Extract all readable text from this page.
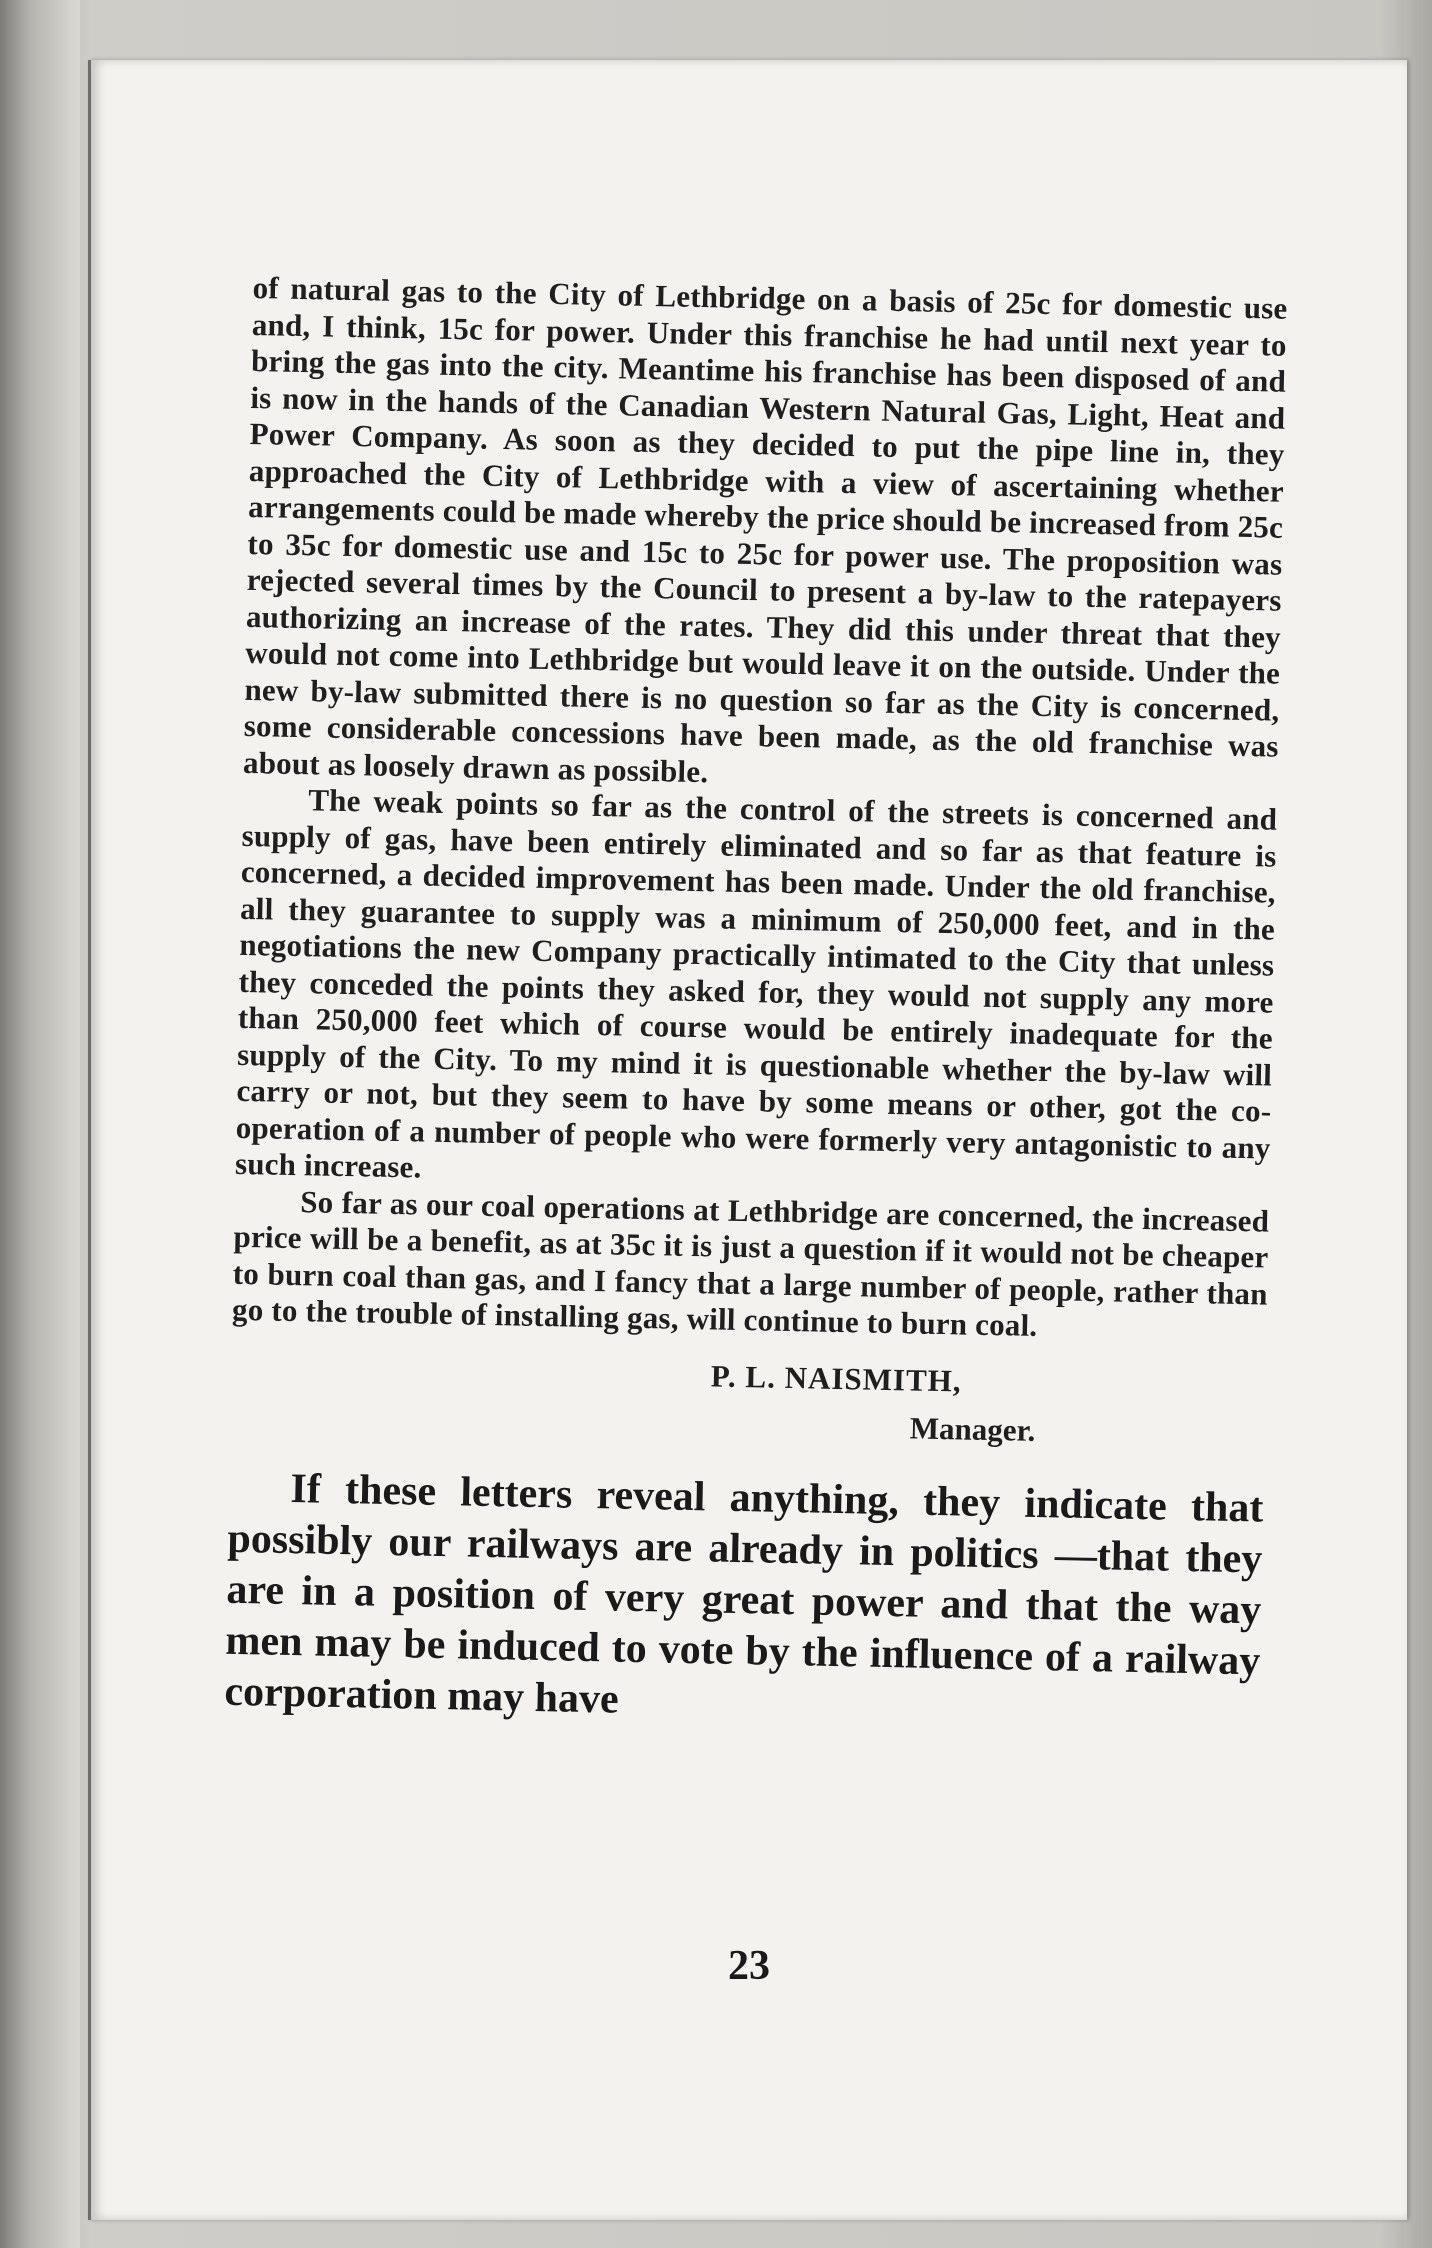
of natural gas to the City of Lethbridge on a basis of 25c for domestic use and, I think, 15c for power. Under this franchise he had until next year to bring the gas into the city. Meantime his franchise has been disposed of and is now in the hands of the Canadian Western Natural Gas, Light, Heat and Power Company. As soon as they decided to put the pipe line in, they approached the City of Lethbridge with a view of ascertaining whether arrangements could be made whereby the price should be increased from 25c to 35c for domestic use and 15c to 25c for power use. The proposition was rejected several times by the Council to present a by-law to the ratepayers authorizing an increase of the rates. They did this under threat that they would not come into Lethbridge but would leave it on the outside. Under the new by-law submitted there is no question so far as the City is concerned, some considerable concessions have been made, as the old franchise was about as loosely drawn as possible.

The weak points so far as the control of the streets is concerned and supply of gas, have been entirely eliminated and so far as that feature is concerned, a decided improvement has been made. Under the old franchise, all they guarantee to supply was a minimum of 250,000 feet, and in the negotiations the new Company practically intimated to the City that unless they conceded the points they asked for, they would not supply any more than 250,000 feet which of course would be entirely inadequate for the supply of the City. To my mind it is questionable whether the by-law will carry or not, but they seem to have by some means or other, got the co-operation of a number of people who were formerly very antagonistic to any such increase.

So far as our coal operations at Lethbridge are concerned, the increased price will be a benefit, as at 35c it is just a question if it would not be cheaper to burn coal than gas, and I fancy that a large number of people, rather than go to the trouble of installing gas, will continue to burn coal.

P. L. NAISMITH,
Manager.

If these letters reveal anything, they indicate that possibly our railways are already in politics —that they are in a position of very great power and that the way men may be induced to vote by the influence of a railway corporation may have

23
